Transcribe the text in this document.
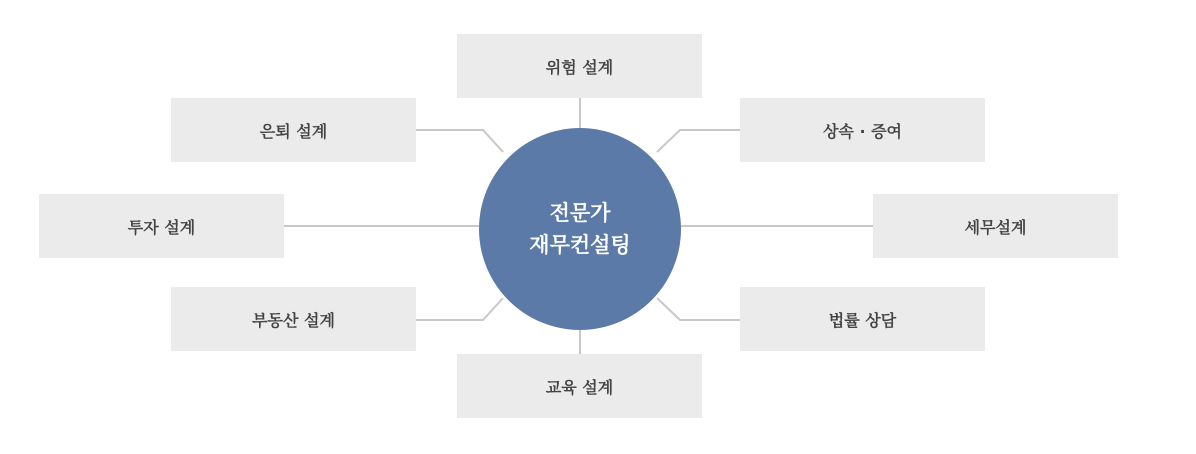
위험 설계
은퇴 설계	상속 · 증여
투자 설계	세무설계
부동산 설계	법률 상담
교육 설계
전문가
재무컨설팅
